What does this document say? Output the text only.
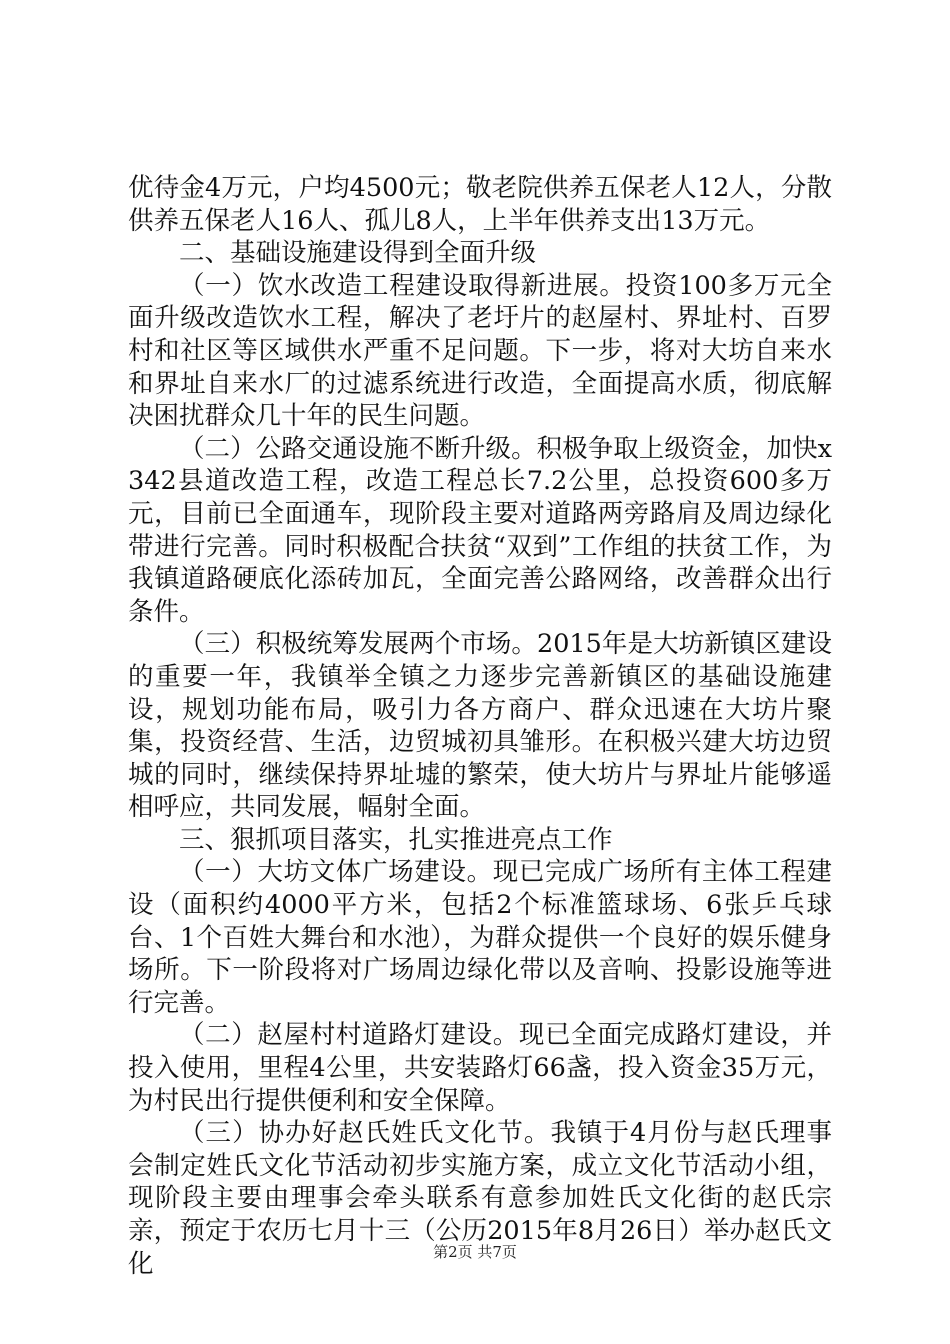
优待金4万元，户均4500元；敬老院供养五保老人12人，分散供养五保老人16人、孤儿8人，上半年供养支出13万元。

二、基础设施建设得到全面升级

（一）饮水改造工程建设取得新进展。投资100多万元全面升级改造饮水工程，解决了老圩片的赵屋村、界址村、百罗村和社区等区域供水严重不足问题。下一步，将对大坊自来水和界址自来水厂的过滤系统进行改造，全面提高水质，彻底解决困扰群众几十年的民生问题。

（二）公路交通设施不断升级。积极争取上级资金，加快x342县道改造工程，改造工程总长7.2公里，总投资600多万元，目前已全面通车，现阶段主要对道路两旁路肩及周边绿化带进行完善。同时积极配合扶贫“双到”工作组的扶贫工作，为我镇道路硬底化添砖加瓦，全面完善公路网络，改善群众出行条件。

（三）积极统筹发展两个市场。2015年是大坊新镇区建设的重要一年，我镇举全镇之力逐步完善新镇区的基础设施建设，规划功能布局，吸引力各方商户、群众迅速在大坊片聚集，投资经营、生活，边贸城初具雏形。在积极兴建大坊边贸城的同时，继续保持界址墟的繁荣，使大坊片与界址片能够遥相呼应，共同发展，幅射全面。

三、狠抓项目落实，扎实推进亮点工作

（一）大坊文体广场建设。现已完成广场所有主体工程建设（面积约4000平方米，包括2个标准篮球场、6张乒乓球台、1个百姓大舞台和水池），为群众提供一个良好的娱乐健身场所。下一阶段将对广场周边绿化带以及音响、投影设施等进行完善。

（二）赵屋村村道路灯建设。现已全面完成路灯建设，并投入使用，里程4公里，共安装路灯66盏，投入资金35万元，为村民出行提供便利和安全保障。

（三）协办好赵氏姓氏文化节。我镇于4月份与赵氏理事会制定姓氏文化节活动初步实施方案，成立文化节活动小组，现阶段主要由理事会牵头联系有意参加姓氏文化街的赵氏宗亲，预定于农历七月十三（公历2015年8月26日）举办赵氏文化	第2页 共7页
